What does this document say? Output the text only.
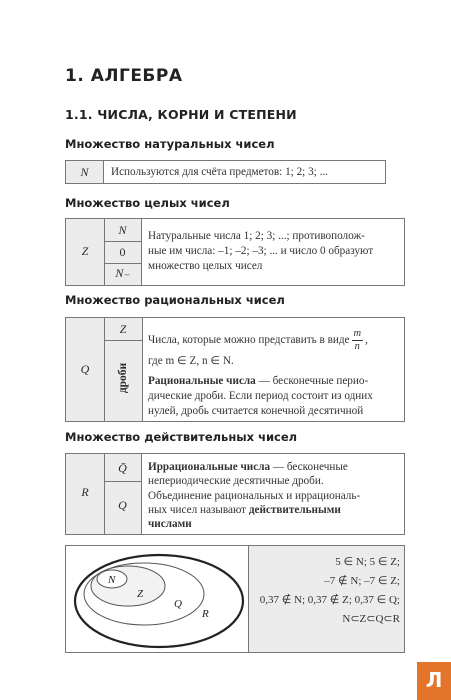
1. АЛГЕБРА
1.1. ЧИСЛА, КОРНИ И СТЕПЕНИ
Множество натуральных чисел
N	Используются для счёта предметов: 1; 2; 3; ...
Множество целых чисел
Z
N
0
N₋
Натуральные числа 1; 2; 3; ...; противополож-
ные им числа: –1; –2; –3; ... и число 0 образуют
множество целых чисел
Множество рациональных чисел
Q
Z
дроби
Числа, которые можно представить в виде $\frac{m}{n}$ ,
где m ∈ Z, n ∈ N.
Рациональные числа — бесконечные перио-
дические дроби. Если период состоит из одних
нулей, дробь считается конечной десятичной
Множество действительных чисел
R
Q̄
Q
Иррациональные числа — бесконечные
непериодические десятичные дроби.
Объединение рациональных и иррациональ-
ных чисел называют действительными
числами
N
Z
Q
R
5 ∈ N; 5 ∈ Z;
–7 ∉ N; –7 ∈ Z;
0,37 ∉ N; 0,37 ∉ Z; 0,37 ∈ Q;
N⊂Z⊂Q⊂R
Л
